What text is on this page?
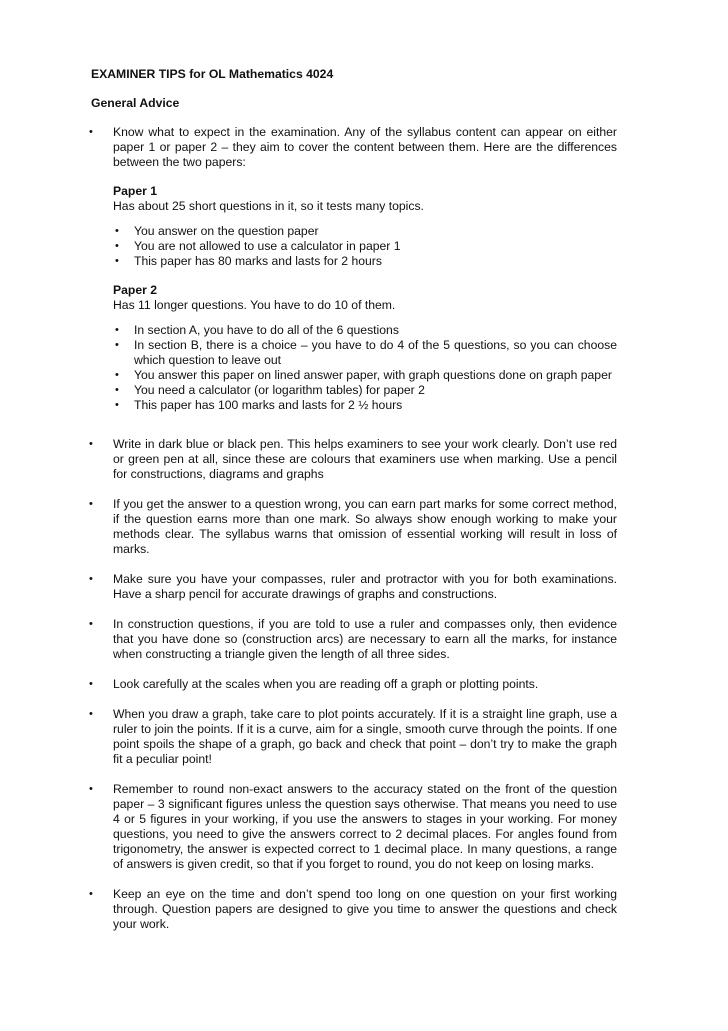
EXAMINER TIPS for OL Mathematics 4024
General Advice
• Know what to expect in the examination. Any of the syllabus content can appear on either paper 1 or paper 2 – they aim to cover the content between them. Here are the differences between the two papers:
Paper 1
Has about 25 short questions in it, so it tests many topics.
• You answer on the question paper
• You are not allowed to use a calculator in paper 1
• This paper has 80 marks and lasts for 2 hours
Paper 2
Has 11 longer questions. You have to do 10 of them.
• In section A, you have to do all of the 6 questions
• In section B, there is a choice – you have to do 4 of the 5 questions, so you can choose which question to leave out
• You answer this paper on lined answer paper, with graph questions done on graph paper
• You need a calculator (or logarithm tables) for paper 2
• This paper has 100 marks and lasts for 2 ½ hours
• Write in dark blue or black pen. This helps examiners to see your work clearly. Don’t use red or green pen at all, since these are colours that examiners use when marking. Use a pencil for constructions, diagrams and graphs
• If you get the answer to a question wrong, you can earn part marks for some correct method, if the question earns more than one mark. So always show enough working to make your methods clear. The syllabus warns that omission of essential working will result in loss of marks.
• Make sure you have your compasses, ruler and protractor with you for both examinations. Have a sharp pencil for accurate drawings of graphs and constructions.
• In construction questions, if you are told to use a ruler and compasses only, then evidence that you have done so (construction arcs) are necessary to earn all the marks, for instance when constructing a triangle given the length of all three sides.
• Look carefully at the scales when you are reading off a graph or plotting points.
• When you draw a graph, take care to plot points accurately. If it is a straight line graph, use a ruler to join the points. If it is a curve, aim for a single, smooth curve through the points. If one point spoils the shape of a graph, go back and check that point – don’t try to make the graph fit a peculiar point!
• Remember to round non-exact answers to the accuracy stated on the front of the question paper – 3 significant figures unless the question says otherwise. That means you need to use 4 or 5 figures in your working, if you use the answers to stages in your working. For money questions, you need to give the answers correct to 2 decimal places. For angles found from trigonometry, the answer is expected correct to 1 decimal place. In many questions, a range of answers is given credit, so that if you forget to round, you do not keep on losing marks.
• Keep an eye on the time and don’t spend too long on one question on your first working through. Question papers are designed to give you time to answer the questions and check your work.
